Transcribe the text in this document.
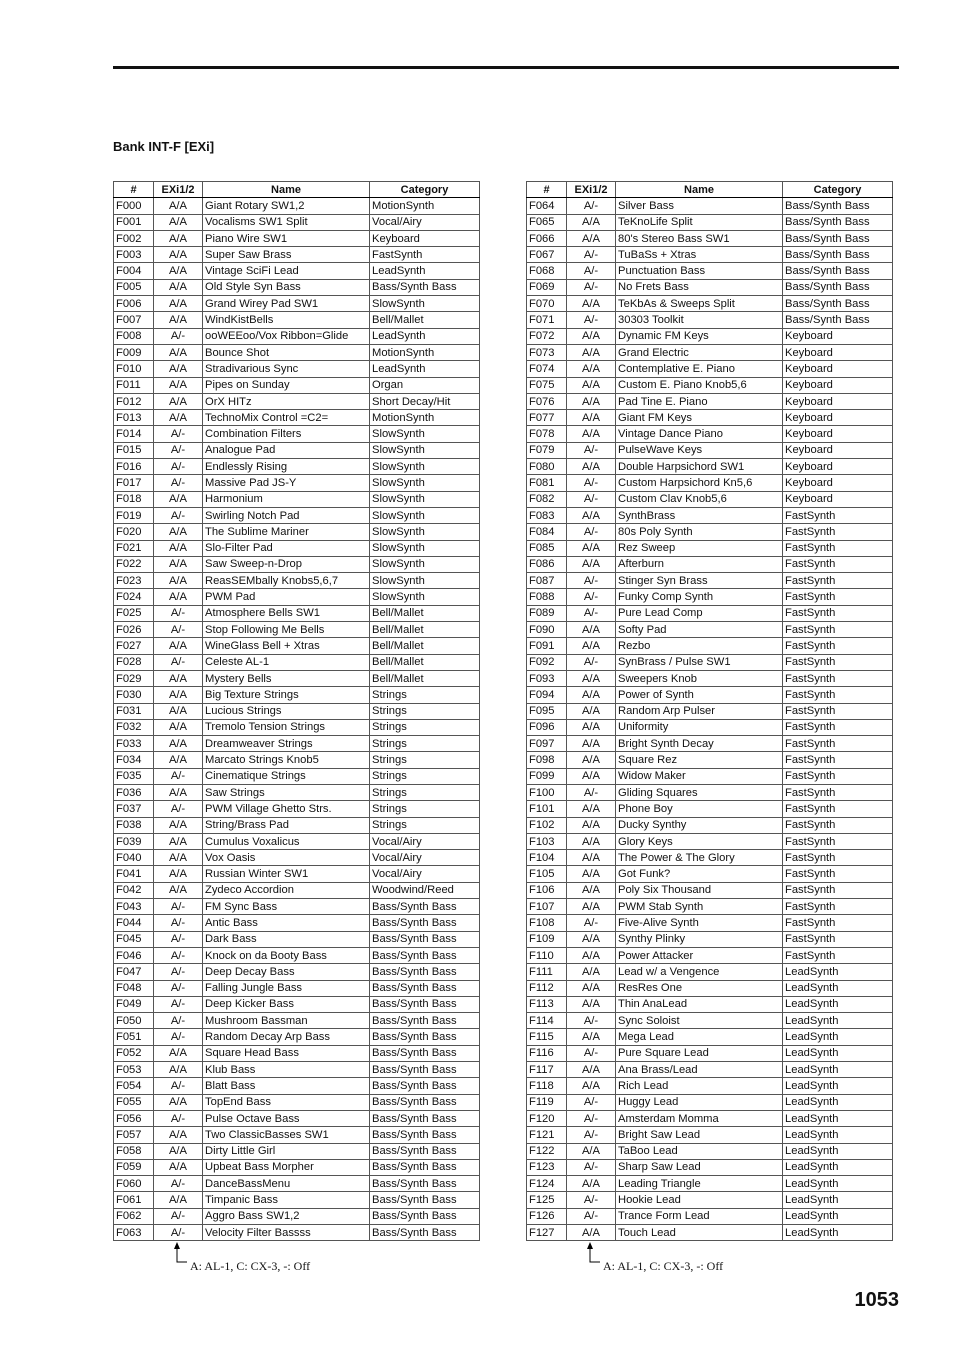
Bank INT-F [EXi]
#	EXi1/2	Name	Category
F000	A/A	Giant Rotary SW1,2	MotionSynth
F001	A/A	Vocalisms SW1 Split	Vocal/Airy
F002	A/A	Piano Wire SW1	Keyboard
F003	A/A	Super Saw Brass	FastSynth
F004	A/A	Vintage SciFi Lead	LeadSynth
F005	A/A	Old Style Syn Bass	Bass/Synth Bass
F006	A/A	Grand Wirey Pad SW1	SlowSynth
F007	A/A	WindKistBells	Bell/Mallet
F008	A/-	ooWEEoo/Vox Ribbon=Glide	LeadSynth
F009	A/A	Bounce Shot	MotionSynth
F010	A/A	Stradivarious Sync	LeadSynth
F011	A/A	Pipes on Sunday	Organ
F012	A/A	OrX HITz	Short Decay/Hit
F013	A/A	TechnoMix Control =C2=	MotionSynth
F014	A/-	Combination Filters	SlowSynth
F015	A/-	Analogue Pad	SlowSynth
F016	A/-	Endlessly Rising	SlowSynth
F017	A/-	Massive Pad JS-Y	SlowSynth
F018	A/A	Harmonium	SlowSynth
F019	A/-	Swirling Notch Pad	SlowSynth
F020	A/A	The Sublime Mariner	SlowSynth
F021	A/A	Slo-Filter Pad	SlowSynth
F022	A/A	Saw Sweep-n-Drop	SlowSynth
F023	A/A	ReasSEMbally Knobs5,6,7	SlowSynth
F024	A/A	PWM Pad	SlowSynth
F025	A/-	Atmosphere Bells SW1	Bell/Mallet
F026	A/-	Stop Following Me Bells	Bell/Mallet
F027	A/A	WineGlass Bell + Xtras	Bell/Mallet
F028	A/-	Celeste AL-1	Bell/Mallet
F029	A/A	Mystery Bells	Bell/Mallet
F030	A/A	Big Texture Strings	Strings
F031	A/A	Lucious Strings	Strings
F032	A/A	Tremolo Tension Strings	Strings
F033	A/A	Dreamweaver Strings	Strings
F034	A/A	Marcato Strings Knob5	Strings
F035	A/-	Cinematique Strings	Strings
F036	A/A	Saw Strings	Strings
F037	A/-	PWM Village Ghetto Strs.	Strings
F038	A/A	String/Brass Pad	Strings
F039	A/A	Cumulus Voxalicus	Vocal/Airy
F040	A/A	Vox Oasis	Vocal/Airy
F041	A/A	Russian Winter SW1	Vocal/Airy
F042	A/A	Zydeco Accordion	Woodwind/Reed
F043	A/-	FM Sync Bass	Bass/Synth Bass
F044	A/-	Antic Bass	Bass/Synth Bass
F045	A/-	Dark Bass	Bass/Synth Bass
F046	A/-	Knock on da Booty Bass	Bass/Synth Bass
F047	A/-	Deep Decay Bass	Bass/Synth Bass
F048	A/-	Falling Jungle Bass	Bass/Synth Bass
F049	A/-	Deep Kicker Bass	Bass/Synth Bass
F050	A/-	Mushroom Bassman	Bass/Synth Bass
F051	A/-	Random Decay Arp Bass	Bass/Synth Bass
F052	A/A	Square Head Bass	Bass/Synth Bass
F053	A/A	Klub Bass	Bass/Synth Bass
F054	A/-	Blatt Bass	Bass/Synth Bass
F055	A/A	TopEnd Bass	Bass/Synth Bass
F056	A/-	Pulse Octave Bass	Bass/Synth Bass
F057	A/A	Two ClassicBasses SW1	Bass/Synth Bass
F058	A/A	Dirty Little Girl	Bass/Synth Bass
F059	A/A	Upbeat Bass Morpher	Bass/Synth Bass
F060	A/-	DanceBassMenu	Bass/Synth Bass
F061	A/A	Timpanic Bass	Bass/Synth Bass
F062	A/-	Aggro Bass SW1,2	Bass/Synth Bass
F063	A/-	Velocity Filter Bassss	Bass/Synth Bass
#	EXi1/2	Name	Category
F064	A/-	Silver Bass	Bass/Synth Bass
F065	A/A	TeKnoLife Split	Bass/Synth Bass
F066	A/A	80's Stereo Bass SW1	Bass/Synth Bass
F067	A/-	TuBaSs + Xtras	Bass/Synth Bass
F068	A/-	Punctuation Bass	Bass/Synth Bass
F069	A/-	No Frets Bass	Bass/Synth Bass
F070	A/A	TeKbAs & Sweeps Split	Bass/Synth Bass
F071	A/-	30303 Toolkit	Bass/Synth Bass
F072	A/A	Dynamic FM Keys	Keyboard
F073	A/A	Grand Electric	Keyboard
F074	A/A	Contemplative E. Piano	Keyboard
F075	A/A	Custom E. Piano Knob5,6	Keyboard
F076	A/A	Pad Tine E. Piano	Keyboard
F077	A/A	Giant FM Keys	Keyboard
F078	A/A	Vintage Dance Piano	Keyboard
F079	A/-	PulseWave Keys	Keyboard
F080	A/A	Double Harpsichord SW1	Keyboard
F081	A/-	Custom Harpsichord Kn5,6	Keyboard
F082	A/-	Custom Clav Knob5,6	Keyboard
F083	A/A	SynthBrass	FastSynth
F084	A/-	80s Poly Synth	FastSynth
F085	A/A	Rez Sweep	FastSynth
F086	A/A	Afterburn	FastSynth
F087	A/-	Stinger Syn Brass	FastSynth
F088	A/-	Funky Comp Synth	FastSynth
F089	A/-	Pure Lead Comp	FastSynth
F090	A/A	Softy Pad	FastSynth
F091	A/A	Rezbo	FastSynth
F092	A/-	SynBrass / Pulse SW1	FastSynth
F093	A/A	Sweepers Knob	FastSynth
F094	A/A	Power of Synth	FastSynth
F095	A/A	Random Arp Pulser	FastSynth
F096	A/A	Uniformity	FastSynth
F097	A/A	Bright Synth Decay	FastSynth
F098	A/A	Square Rez	FastSynth
F099	A/A	Widow Maker	FastSynth
F100	A/-	Gliding Squares	FastSynth
F101	A/A	Phone Boy	FastSynth
F102	A/A	Ducky Synthy	FastSynth
F103	A/A	Glory Keys	FastSynth
F104	A/A	The Power & The Glory	FastSynth
F105	A/A	Got Funk?	FastSynth
F106	A/A	Poly Six Thousand	FastSynth
F107	A/A	PWM Stab Synth	FastSynth
F108	A/-	Five-Alive Synth	FastSynth
F109	A/A	Synthy Plinky	FastSynth
F110	A/A	Power Attacker	FastSynth
F111	A/A	Lead w/ a Vengence	LeadSynth
F112	A/A	ResRes One	LeadSynth
F113	A/A	Thin AnaLead	LeadSynth
F114	A/-	Sync Soloist	LeadSynth
F115	A/A	Mega Lead	LeadSynth
F116	A/-	Pure Square Lead	LeadSynth
F117	A/A	Ana Brass/Lead	LeadSynth
F118	A/A	Rich Lead	LeadSynth
F119	A/-	Huggy Lead	LeadSynth
F120	A/-	Amsterdam Momma	LeadSynth
F121	A/-	Bright Saw Lead	LeadSynth
F122	A/A	TaBoo Lead	LeadSynth
F123	A/-	Sharp Saw Lead	LeadSynth
F124	A/A	Leading Triangle	LeadSynth
F125	A/-	Hookie Lead	LeadSynth
F126	A/-	Trance Form Lead	LeadSynth
F127	A/A	Touch Lead	LeadSynth
A: AL-1, C: CX-3, -: Off	A: AL-1, C: CX-3, -: Off
1053
